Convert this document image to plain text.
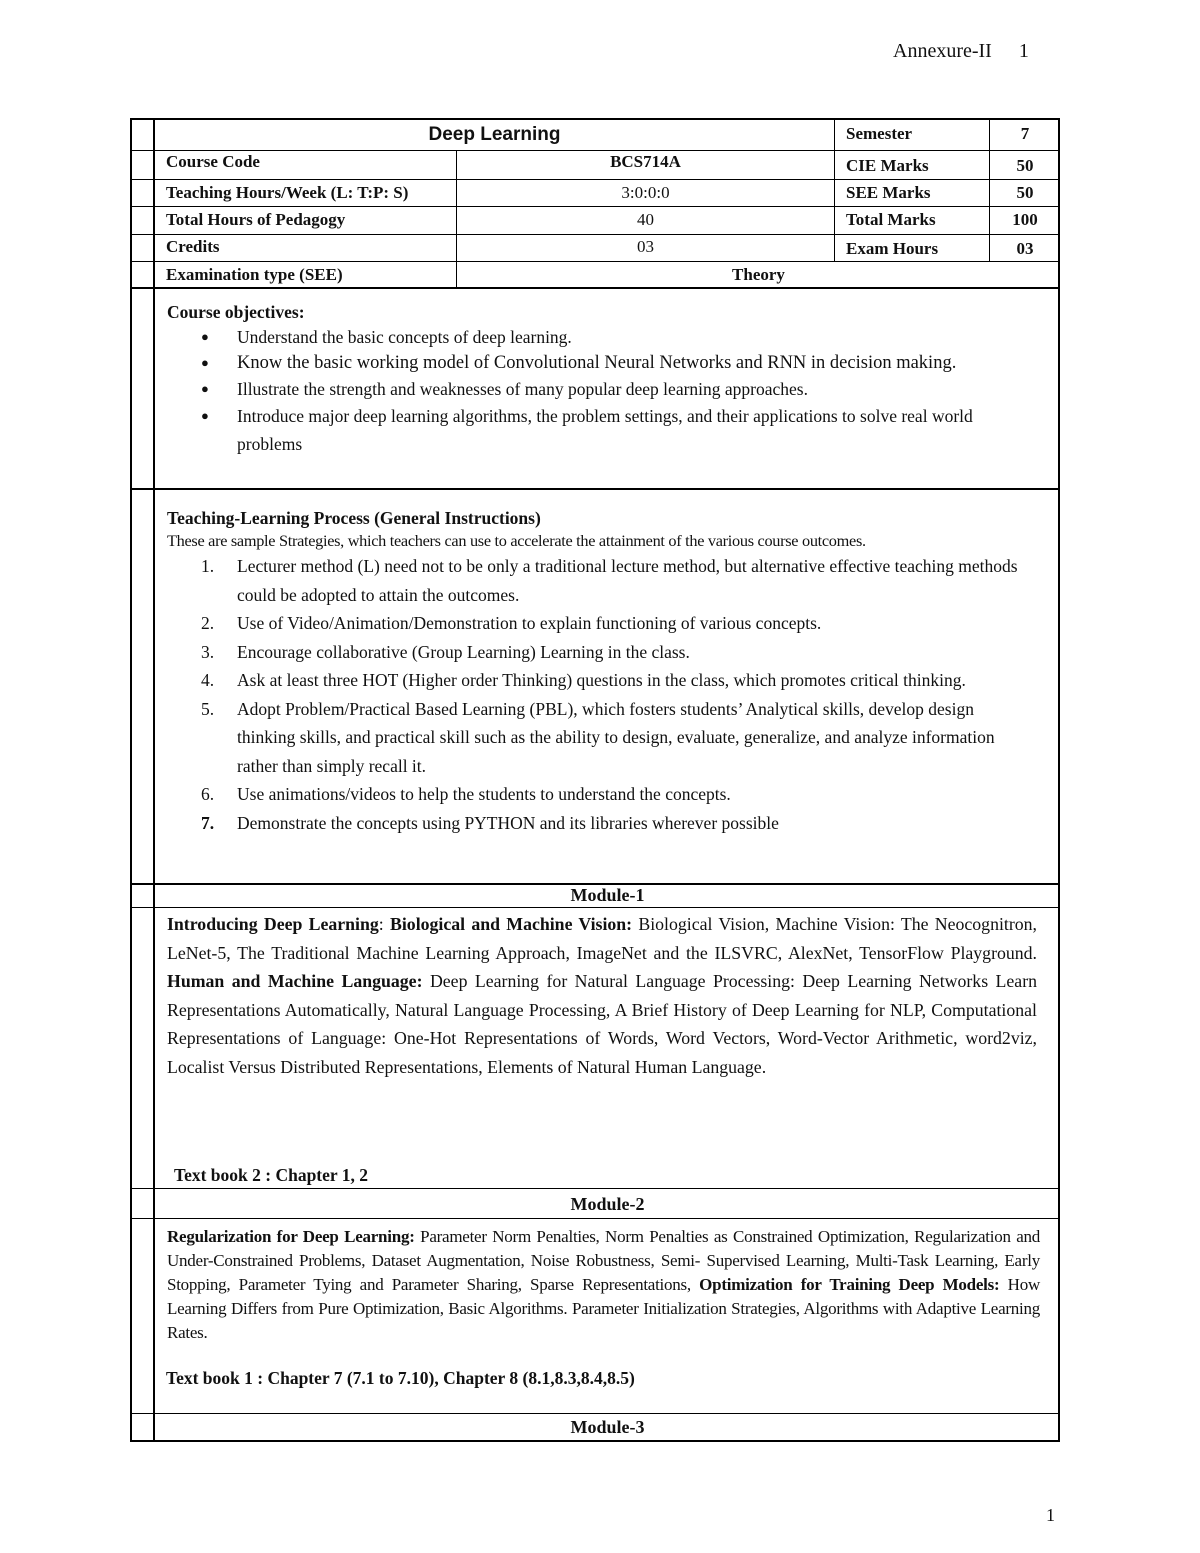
Annexure-II 1
Deep Learning	Semester	7
Course Code	BCS714A	CIE Marks	50
Teaching Hours/Week (L: T:P: S)	3:0:0:0	SEE Marks	50
Total Hours of Pedagogy	40	Total Marks	100
Credits	03	Exam Hours	03
Examination type (SEE)	Theory
Course objectives:
● Understand the basic concepts of deep learning.
● Know the basic working model of Convolutional Neural Networks and RNN in decision making.
● Illustrate the strength and weaknesses of many popular deep learning approaches.
● Introduce major deep learning algorithms, the problem settings, and their applications to solve real world problems
Teaching-Learning Process (General Instructions)
These are sample Strategies, which teachers can use to accelerate the attainment of the various course outcomes.
1. Lecturer method (L) need not to be only a traditional lecture method, but alternative effective teaching methods could be adopted to attain the outcomes.
2. Use of Video/Animation/Demonstration to explain functioning of various concepts.
3. Encourage collaborative (Group Learning) Learning in the class.
4. Ask at least three HOT (Higher order Thinking) questions in the class, which promotes critical thinking.
5. Adopt Problem/Practical Based Learning (PBL), which fosters students’ Analytical skills, develop design thinking skills, and practical skill such as the ability to design, evaluate, generalize, and analyze information rather than simply recall it.
6. Use animations/videos to help the students to understand the concepts.
7. Demonstrate the concepts using PYTHON and its libraries wherever possible
Module-1
Introducing Deep Learning: Biological and Machine Vision: Biological Vision, Machine Vision: The Neocognitron, LeNet-5, The Traditional Machine Learning Approach, ImageNet and the ILSVRC, AlexNet, TensorFlow Playground. Human and Machine Language: Deep Learning for Natural Language Processing: Deep Learning Networks Learn Representations Automatically, Natural Language Processing, A Brief History of Deep Learning for NLP, Computational Representations of Language: One-Hot Representations of Words, Word Vectors, Word-Vector Arithmetic, word2viz, Localist Versus Distributed Representations, Elements of Natural Human Language.
Text book 2 : Chapter 1, 2
Module-2
Regularization for Deep Learning: Parameter Norm Penalties, Norm Penalties as Constrained Optimization, Regularization and Under-Constrained Problems, Dataset Augmentation, Noise Robustness, Semi- Supervised Learning, Multi-Task Learning, Early Stopping, Parameter Tying and Parameter Sharing, Sparse Representations, Optimization for Training Deep Models: How Learning Differs from Pure Optimization, Basic Algorithms. Parameter Initialization Strategies, Algorithms with Adaptive Learning Rates.
Text book 1 : Chapter 7 (7.1 to 7.10), Chapter 8 (8.1,8.3,8.4,8.5)
Module-3
1
